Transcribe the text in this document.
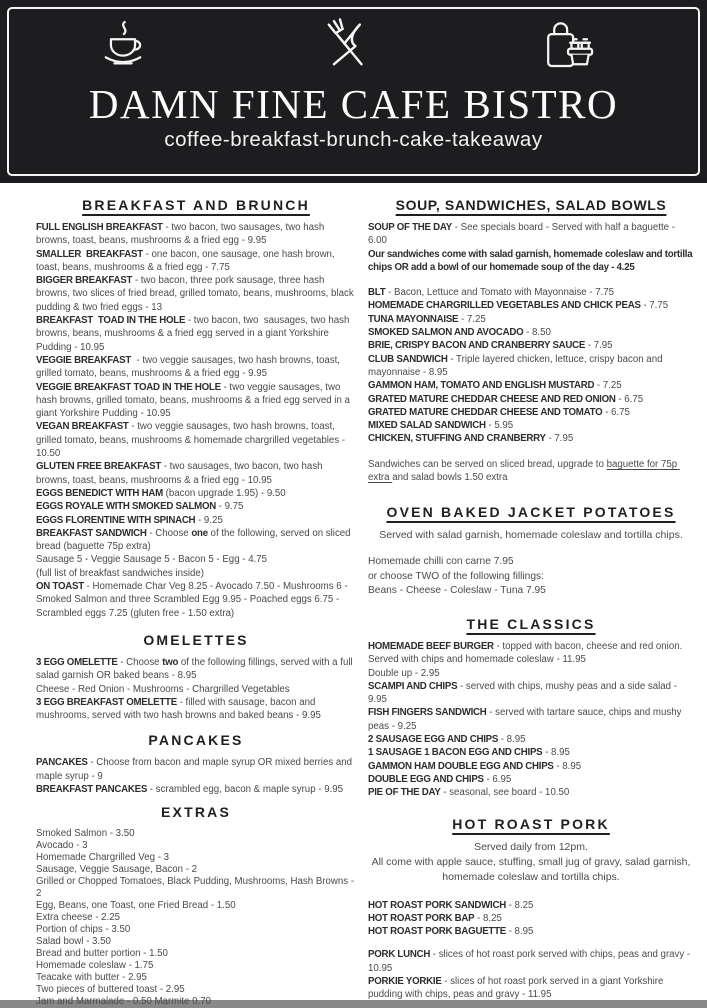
DAMN FINE CAFE BISTRO
coffee-breakfast-brunch-cake-takeaway
BREAKFAST AND BRUNCH

FULL ENGLISH BREAKFAST - two bacon, two sausages, two hash browns, toast, beans, mushrooms & a fried egg - 9.95

SMALLER  BREAKFAST - one bacon, one sausage, one hash brown, toast, beans, mushrooms & a fried egg - 7.75

BIGGER BREAKFAST - two bacon, three pork sausage, three hash browns, two slices of fried bread, grilled tomato, beans, mushrooms, black pudding & two fried eggs - 13

BREAKFAST  TOAD IN THE HOLE - two bacon, two  sausages, two hash browns, beans, mushrooms & a fried egg served in a giant Yorkshire Pudding - 10.95

VEGGIE BREAKFAST  - two veggie sausages, two hash browns, toast, grilled tomato, beans, mushrooms & a fried egg - 9.95

VEGGIE BREAKFAST TOAD IN THE HOLE - two veggie sausages, two hash browns, grilled tomato, beans, mushrooms & a fried egg served in a giant Yorkshire Pudding - 10.95

VEGAN BREAKFAST - two veggie sausages, two hash browns, toast, grilled tomato, beans, mushrooms & homemade chargrilled vegetables - 10.50

GLUTEN FREE BREAKFAST - two sausages, two bacon, two hash browns, toast, beans, mushrooms & a fried egg - 10.95

EGGS BENEDICT WITH HAM (bacon upgrade 1.95) - 9.50

EGGS ROYALE WITH SMOKED SALMON - 9.75

EGGS FLORENTINE WITH SPINACH - 9.25

BREAKFAST SANDWICH - Choose one of the following, served on sliced bread (baguette 75p extra)

Sausage 5 - Veggie Sausage 5 - Bacon 5 - Egg - 4.75

(full list of breakfast sandwiches inside)

ON TOAST - Homemade Char Veg 8.25 - Avocado 7.50 - Mushrooms 6 - Smoked Salmon and three Scrambled Egg 9.95 - Poached eggs 6.75 - Scrambled eggs 7.25 (gluten free - 1.50 extra)

OMELETTES

3 EGG OMELETTE - Choose two of the following fillings, served with a full salad garnish OR baked beans - 8.95

Cheese - Red Onion - Mushrooms - Chargrilled Vegetables

3 EGG BREAKFAST OMELETTE - filled with sausage, bacon and mushrooms, served with two hash browns and baked beans - 9.95

PANCAKES

PANCAKES - Choose from bacon and maple syrup OR mixed berries and maple syrup - 9

BREAKFAST PANCAKES - scrambled egg, bacon & maple syrup - 9.95

EXTRAS

Smoked Salmon - 3.50

Avocado - 3

Homemade Chargrilled Veg - 3

Sausage, Veggie Sausage, Bacon - 2

Grilled or Chopped Tomatoes, Black Pudding, Mushrooms, Hash Browns - 2

Egg, Beans, one Toast, one Fried Bread - 1.50

Extra cheese - 2.25

Portion of chips - 3.50

Salad bowl - 3.50

Bread and butter portion - 1.50

Homemade coleslaw - 1.75

Teacake with butter - 2.95

Two pieces of buttered toast - 2.95

Jam and Marmalade - 0.50 Marmite 0.70

SOUP, SANDWICHES, SALAD BOWLS

SOUP OF THE DAY - See specials board - Served with half a baguette - 6.00

Our sandwiches come with salad garnish, homemade coleslaw and tortilla chips OR add a bowl of our homemade soup of the day - 4.25

BLT - Bacon, Lettuce and Tomato with Mayonnaise - 7.75

HOMEMADE CHARGRILLED VEGETABLES AND CHICK PEAS - 7.75

TUNA MAYONNAISE - 7.25

SMOKED SALMON AND AVOCADO - 8.50

BRIE, CRISPY BACON AND CRANBERRY SAUCE - 7.95

CLUB SANDWICH - Triple layered chicken, lettuce, crispy bacon and mayonnaise - 8.95

GAMMON HAM, TOMATO AND ENGLISH MUSTARD - 7.25

GRATED MATURE CHEDDAR CHEESE AND RED ONION - 6.75

GRATED MATURE CHEDDAR CHEESE AND TOMATO - 6.75

MIXED SALAD SANDWICH - 5.95

CHICKEN, STUFFING AND CRANBERRY - 7.95

Sandwiches can be served on sliced bread, upgrade to baguette for 75p extra and salad bowls 1.50 extra

OVEN BAKED JACKET POTATOES

Served with salad garnish, homemade coleslaw and tortilla chips.

Homemade chilli con carne 7.95

or choose TWO of the following fillings:

Beans - Cheese - Coleslaw - Tuna 7.95

THE CLASSICS

HOMEMADE BEEF BURGER - topped with bacon, cheese and red onion. Served with chips and homemade coleslaw - 11.95

Double up - 2.95

SCAMPI AND CHIPS - served with chips, mushy peas and a side salad - 9.95

FISH FINGERS SANDWICH - served with tartare sauce, chips and mushy peas - 9.25

2 SAUSAGE EGG AND CHIPS - 8.95

1 SAUSAGE 1 BACON EGG AND CHIPS - 8.95

GAMMON HAM DOUBLE EGG AND CHIPS - 8.95

DOUBLE EGG AND CHIPS - 6.95

PIE OF THE DAY - seasonal, see board - 10.50

HOT ROAST PORK

Served daily from 12pm.

All come with apple sauce, stuffing, small jug of gravy, salad garnish, homemade coleslaw and tortilla chips.

HOT ROAST PORK SANDWICH - 8.25

HOT ROAST PORK BAP - 8.25

HOT ROAST PORK BAGUETTE - 8.95

PORK LUNCH - slices of hot roast pork served with chips, peas and gravy - 10.95

PORKIE YORKIE - slices of hot roast pork served in a giant Yorkshire pudding with chips, peas and gravy - 11.95
